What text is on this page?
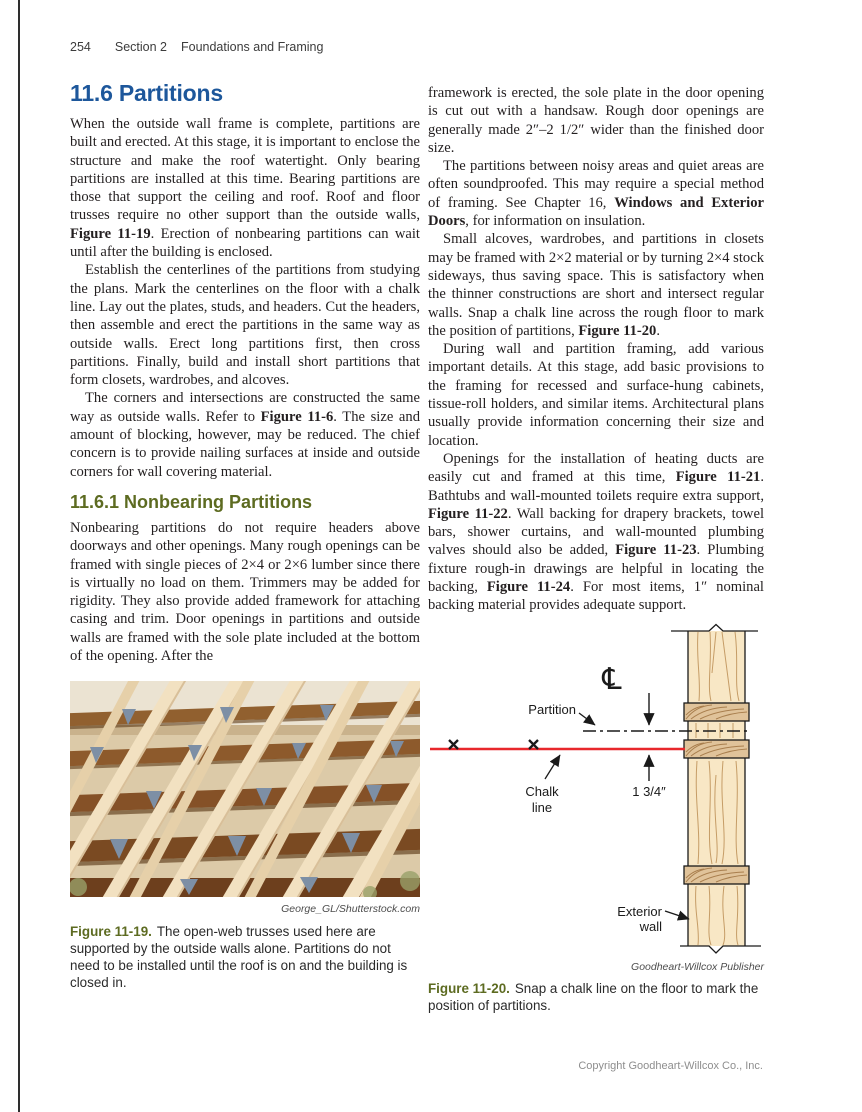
254 Section 2 Foundations and Framing
11.6 Partitions

When the outside wall frame is complete, partitions are built and erected. At this stage, it is important to enclose the structure and make the roof watertight. Only bearing partitions are installed at this time. Bearing partitions are those that support the ceiling and roof. Roof and floor trusses require no other support than the outside walls, Figure 11-19. Erection of nonbearing partitions can wait until after the building is enclosed.

Establish the centerlines of the partitions from studying the plans. Mark the centerlines on the floor with a chalk line. Lay out the plates, studs, and headers. Cut the headers, then assemble and erect the partitions in the same way as outside walls. Erect long partitions first, then cross partitions. Finally, build and install short partitions that form closets, wardrobes, and alcoves.

The corners and intersections are constructed the same way as outside walls. Refer to Figure 11-6. The size and amount of blocking, however, may be reduced. The chief concern is to provide nailing surfaces at inside and outside corners for wall covering material.

11.6.1 Nonbearing Partitions

Nonbearing partitions do not require headers above doorways and other openings. Many rough openings can be framed with single pieces of 2×4 or 2×6 lumber since there is virtually no load on them. Trimmers may be added for rigidity. They also provide added framework for attaching casing and trim. Door openings in partitions and outside walls are framed with the sole plate included at the bottom of the opening. After the

George_GL/Shutterstock.com
Figure 11-19. The open-web trusses used here are supported by the outside walls alone. Partitions do not need to be installed until the roof is on and the building is closed in.

framework is erected, the sole plate in the door opening is cut out with a handsaw. Rough door openings are generally made 2″–2 1/2″ wider than the finished door size.

The partitions between noisy areas and quiet areas are often soundproofed. This may require a special method of framing. See Chapter 16, Windows and Exterior Doors, for information on insulation.

Small alcoves, wardrobes, and partitions in closets may be framed with 2×2 material or by turning 2×4 stock sideways, thus saving space. This is satisfactory when the thinner constructions are short and intersect regular walls. Snap a chalk line across the rough floor to mark the position of partitions, Figure 11-20.

During wall and partition framing, add various important details. At this stage, add basic provisions to the framing for recessed and surface-hung cabinets, tissue-roll holders, and similar items. Architectural plans usually provide information concerning their size and location.

Openings for the installation of heating ducts are easily cut and framed at this time, Figure 11-21. Bathtubs and wall-mounted toilets require extra support, Figure 11-22. Wall backing for drapery brackets, towel bars, shower curtains, and wall-mounted plumbing valves should also be added, Figure 11-23. Plumbing fixture rough-in drawings are helpful in locating the backing, Figure 11-24. For most items, 1″ nominal backing material provides adequate support.

℄
Partition
Chalk
line
1 3/4″
Exterior
wall
Goodheart-Willcox Publisher
Figure 11-20. Snap a chalk line on the floor to mark the position of partitions.
Copyright Goodheart-Willcox Co., Inc.
